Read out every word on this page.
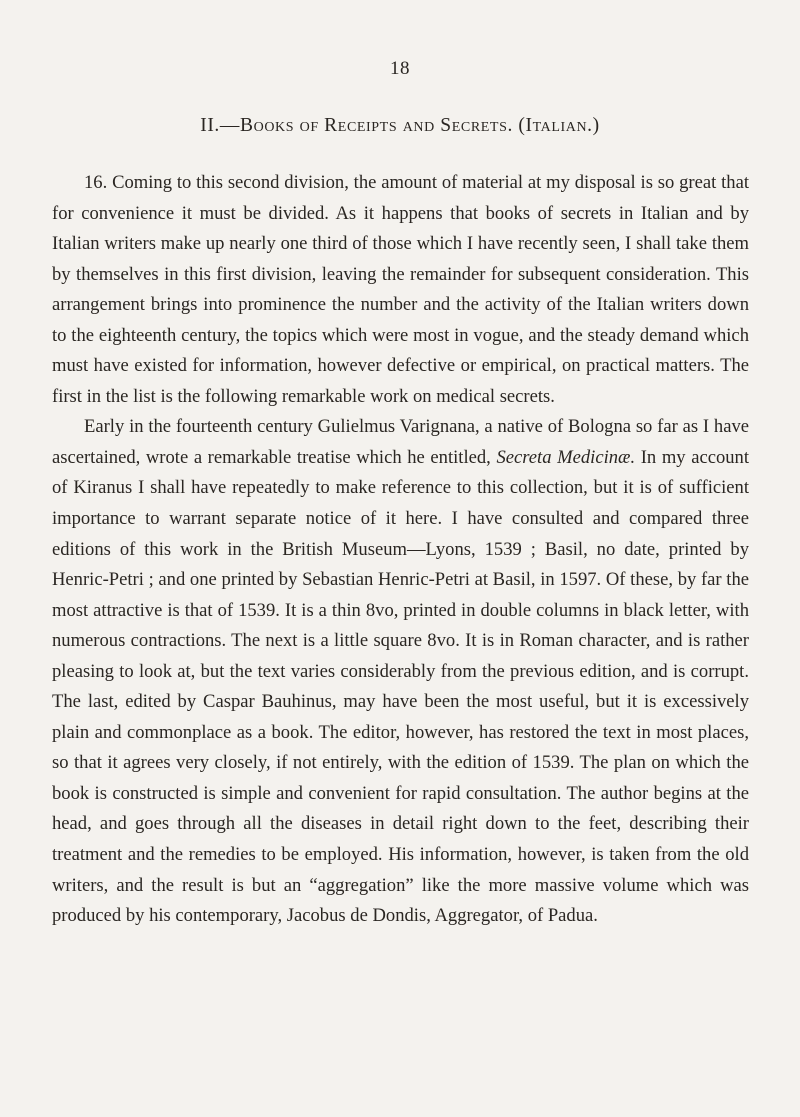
18
II.—Books of Receipts and Secrets. (Italian.)

16. Coming to this second division, the amount of material at my disposal is so great that for convenience it must be divided. As it happens that books of secrets in Italian and by Italian writers make up nearly one third of those which I have recently seen, I shall take them by themselves in this first division, leaving the remainder for subsequent consideration. This arrangement brings into prominence the number and the activity of the Italian writers down to the eighteenth century, the topics which were most in vogue, and the steady demand which must have existed for information, however defective or empirical, on practical matters. The first in the list is the following remarkable work on medical secrets.

Early in the fourteenth century Gulielmus Varignana, a native of Bologna so far as I have ascertained, wrote a remarkable treatise which he entitled, Secreta Medicinæ. In my account of Kiranus I shall have repeatedly to make reference to this collection, but it is of sufficient importance to warrant separate notice of it here. I have consulted and compared three editions of this work in the British Museum—Lyons, 1539 ; Basil, no date, printed by Henric-Petri ; and one printed by Sebastian Henric-Petri at Basil, in 1597. Of these, by far the most attractive is that of 1539. It is a thin 8vo, printed in double columns in black letter, with numerous contractions. The next is a little square 8vo. It is in Roman character, and is rather pleasing to look at, but the text varies considerably from the previous edition, and is corrupt. The last, edited by Caspar Bauhinus, may have been the most useful, but it is excessively plain and commonplace as a book. The editor, however, has restored the text in most places, so that it agrees very closely, if not entirely, with the edition of 1539. The plan on which the book is constructed is simple and convenient for rapid consultation. The author begins at the head, and goes through all the diseases in detail right down to the feet, describing their treatment and the remedies to be employed. His information, however, is taken from the old writers, and the result is but an “aggregation” like the more massive volume which was produced by his contemporary, Jacobus de Dondis, Aggregator, of Padua.
